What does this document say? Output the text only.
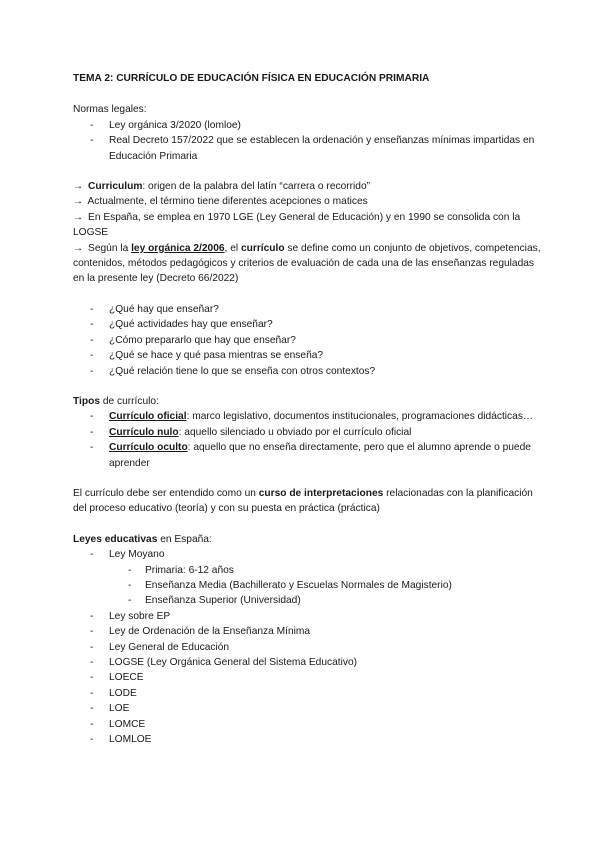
TEMA 2: CURRÍCULO DE EDUCACIÓN FÍSICA EN EDUCACIÓN PRIMARIA

Normas legales:

- Ley orgánica 3/2020 (lomloe)
- Real Decreto 157/2022 que se establecen la ordenación y enseñanzas mínimas impartidas en Educación Primaria

→ Curriculum: origen de la palabra del latín “carrera o recorrido”

→ Actualmente, el término tiene diferentes acepciones o matices

→ En España, se emplea en 1970 LGE (Ley General de Educación) y en 1990 se consolida con la LOGSE

→ Según la ley orgánica 2/2006, el currículo se define como un conjunto de objetivos, competencias, contenidos, métodos pedagógicos y criterios de evaluación de cada una de las enseñanzas reguladas en la presente ley (Decreto 66/2022)

- ¿Qué hay que enseñar?
- ¿Qué actividades hay que enseñar?
- ¿Cómo prepararlo que hay que enseñar?
- ¿Qué se hace y qué pasa mientras se enseña?
- ¿Qué relación tiene lo que se enseña con otros contextos?

Tipos de currículo:

- Currículo oficial: marco legislativo, documentos institucionales, programaciones didácticas…
- Currículo nulo: aquello silenciado u obviado por el currículo oficial
- Currículo oculto: aquello que no enseña directamente, pero que el alumno aprende o puede aprender

El currículo debe ser entendido como un curso de interpretaciones relacionadas con la planificación del proceso educativo (teoría) y con su puesta en práctica (práctica)

Leyes educativas en España:

- Ley Moyano
- Primaria: 6-12 años
- Enseñanza Media (Bachillerato y Escuelas Normales de Magisterio)
- Enseñanza Superior (Universidad)
- Ley sobre EP
- Ley de Ordenación de la Enseñanza Mínima
- Ley General de Educación
- LOGSE (Ley Orgánica General del Sistema Educativo)
- LOECE
- LODE
- LOE
- LOMCE
- LOMLOE
